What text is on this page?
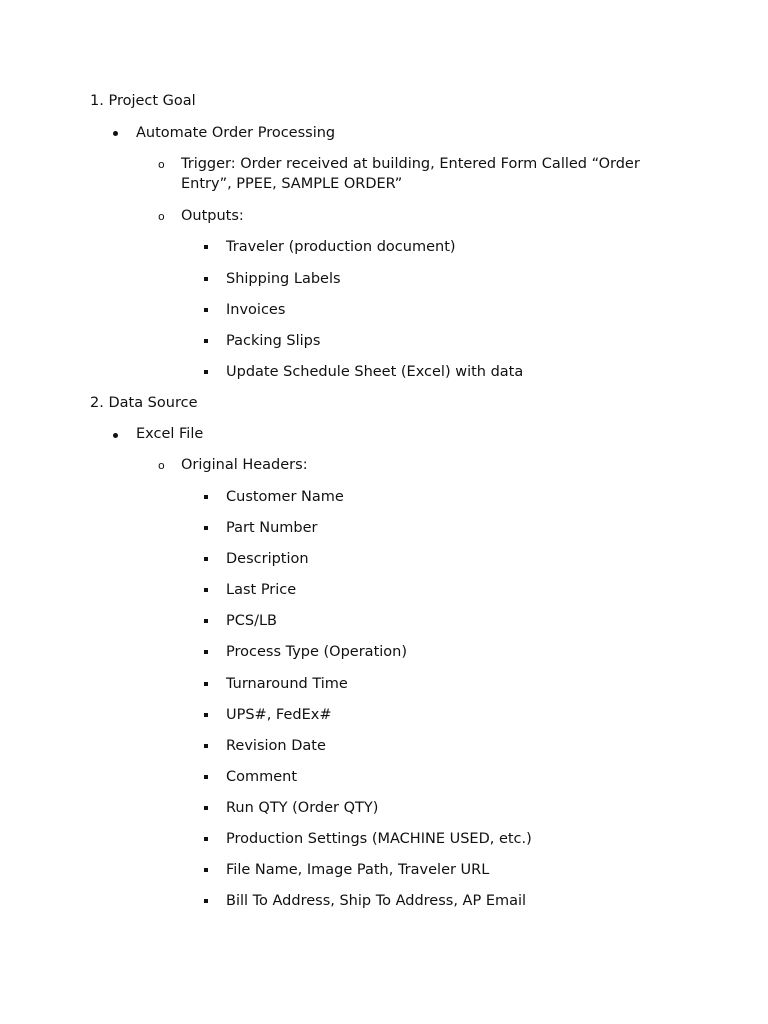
1. Project Goal
Automate Order Processing
o Trigger: Order received at building, Entered Form Called “Order Entry”, PPEE, SAMPLE ORDER”
o Outputs:
Traveler (production document)
Shipping Labels
Invoices
Packing Slips
Update Schedule Sheet (Excel) with data
2. Data Source
Excel File
o Original Headers:
Customer Name
Part Number
Description
Last Price
PCS/LB
Process Type (Operation)
Turnaround Time
UPS#, FedEx#
Revision Date
Comment
Run QTY (Order QTY)
Production Settings (MACHINE USED, etc.)
File Name, Image Path, Traveler URL
Bill To Address, Ship To Address, AP Email
